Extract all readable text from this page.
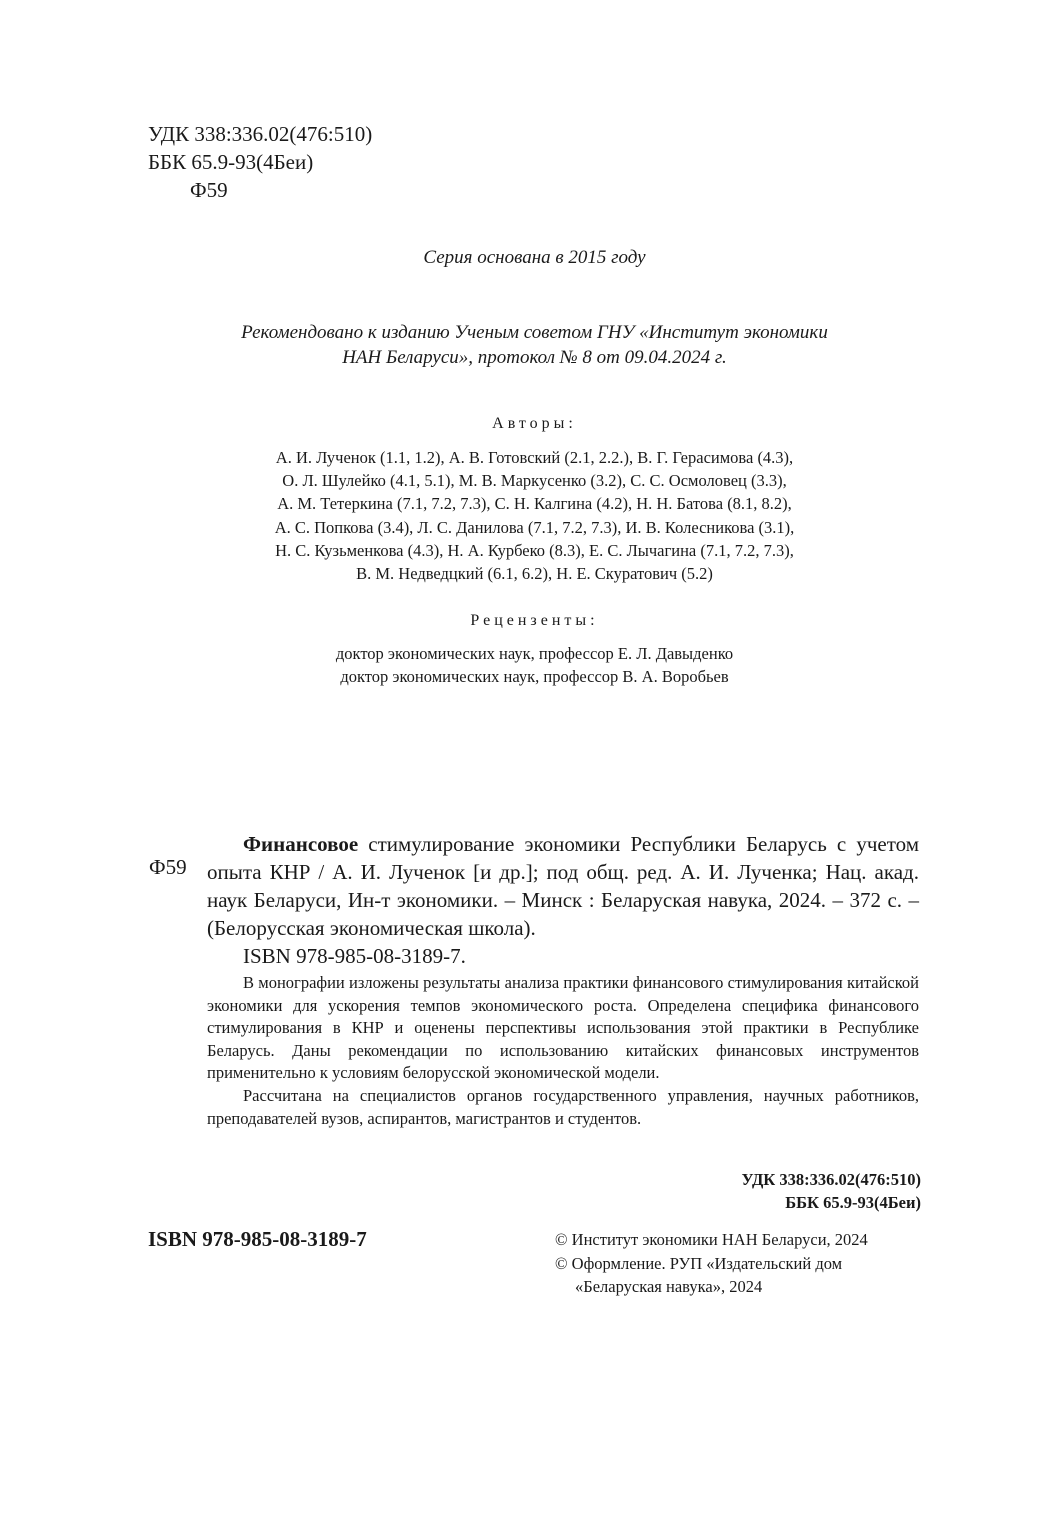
УДК 338:336.02(476:510)
ББК 65.9-93(4Беи)
Ф59
Серия основана в 2015 году
Рекомендовано к изданию Ученым советом ГНУ «Институт экономики
НАН Беларуси», протокол № 8 от 09.04.2024 г.
Авторы:
А. И. Лученок (1.1, 1.2), А. В. Готовский (2.1, 2.2.), В. Г. Герасимова (4.3),
О. Л. Шулейко (4.1, 5.1), М. В. Маркусенко (3.2), С. С. Осмоловец (3.3),
А. М. Тетеркина (7.1, 7.2, 7.3), С. Н. Калгина (4.2), Н. Н. Батова (8.1, 8.2),
А. С. Попкова (3.4), Л. С. Данилова (7.1, 7.2, 7.3), И. В. Колесникова (3.1),
Н. С. Кузьменкова (4.3), Н. А. Курбеко (8.3), Е. С. Лычагина (7.1, 7.2, 7.3),
В. М. Недведцкий (6.1, 6.2), Н. Е. Скуратович (5.2)
Рецензенты:
доктор экономических наук, профессор Е. Л. Давыденко
доктор экономических наук, профессор В. А. Воробьев
Ф59
Финансовое стимулирование экономики Республики Беларусь с учетом опыта КНР / А. И. Лученок [и др.]; под общ. ред. А. И. Лученка; Нац. акад. наук Беларуси, Ин-т экономики. – Минск : Беларуская навука, 2024. – 372 с. – (Белорусская экономическая школа).
ISBN 978-985-08-3189-7.

В монографии изложены результаты анализа практики финансового стимулирования китайской экономики для ускорения темпов экономического роста. Определена специфика финансового стимулирования в КНР и оценены перспективы использования этой практики в Республике Беларусь. Даны рекомендации по использованию китайских финансовых инструментов применительно к условиям белорусской экономической модели.

Рассчитана на специалистов органов государственного управления, научных работников, преподавателей вузов, аспирантов, магистрантов и студентов.

УДК 338:336.02(476:510)
ББК 65.9-93(4Беи)
ISBN 978-985-08-3189-7	© Институт экономики НАН Беларуси, 2024
© Оформление. РУП «Издательский дом
«Беларуская навука», 2024
